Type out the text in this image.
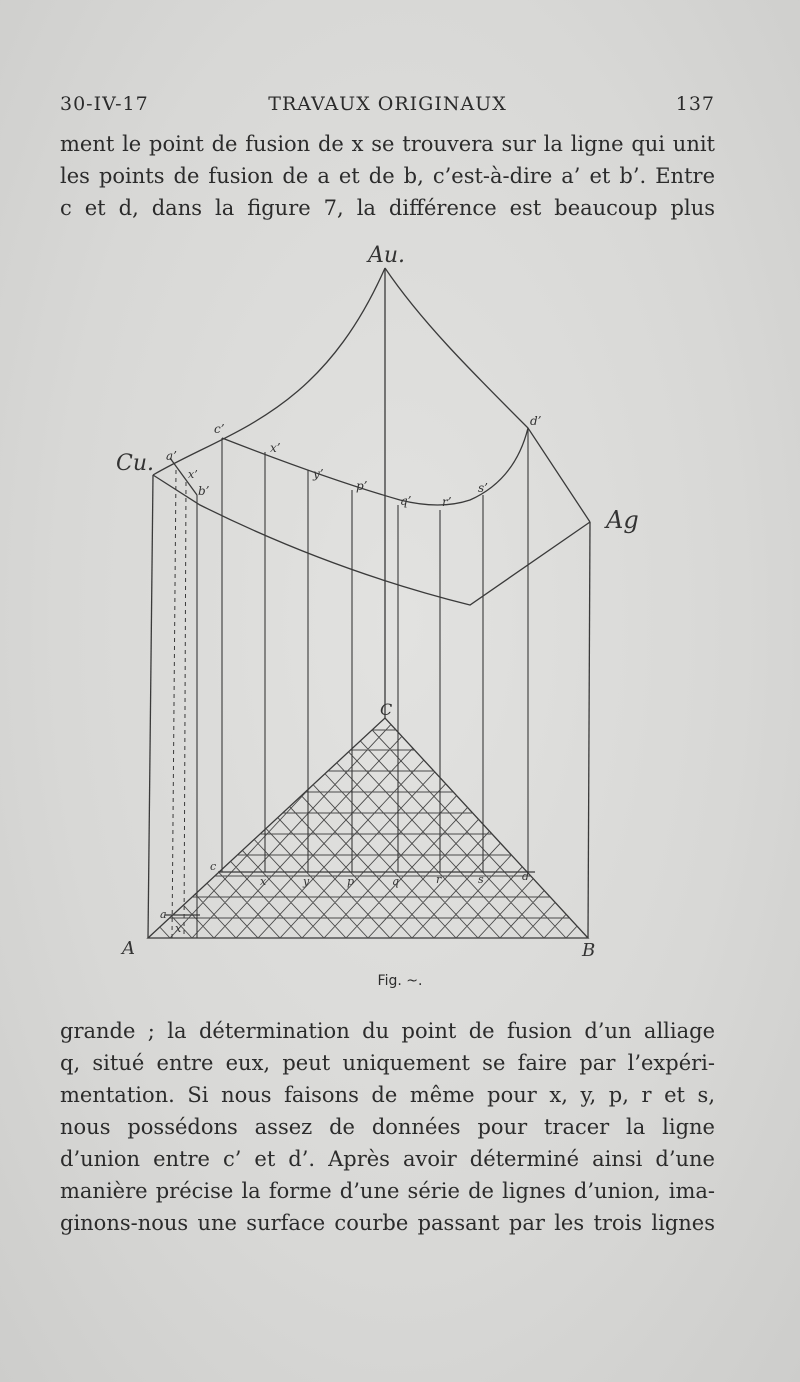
30-IV-17	TRAVAUX ORIGINAUX	137
ment le point de fusion de x se trouvera sur la ligne qui unit
les points de fusion de a et de b, c’est-à-dire a’ et b’. Entre
c et d, dans la figure 7, la différence est beaucoup plus
Au.
Cu.
Ag
C
A	B
a’
b’
c’
d’
x’
y’
p’
q’	r’
s’
x’
a
x
c
x	y	p	q	r	s	d
Fig. ~.
grande ; la détermination du point de fusion d’un alliage
q, situé entre eux, peut uniquement se faire par l’expéri-
mentation. Si nous faisons de même pour x, y, p, r et s,
nous possédons assez de données pour tracer la ligne
d’union entre c’ et d’. Après avoir déterminé ainsi d’une
manière précise la forme d’une série de lignes d’union, ima-
ginons-nous une surface courbe passant par les trois lignes
